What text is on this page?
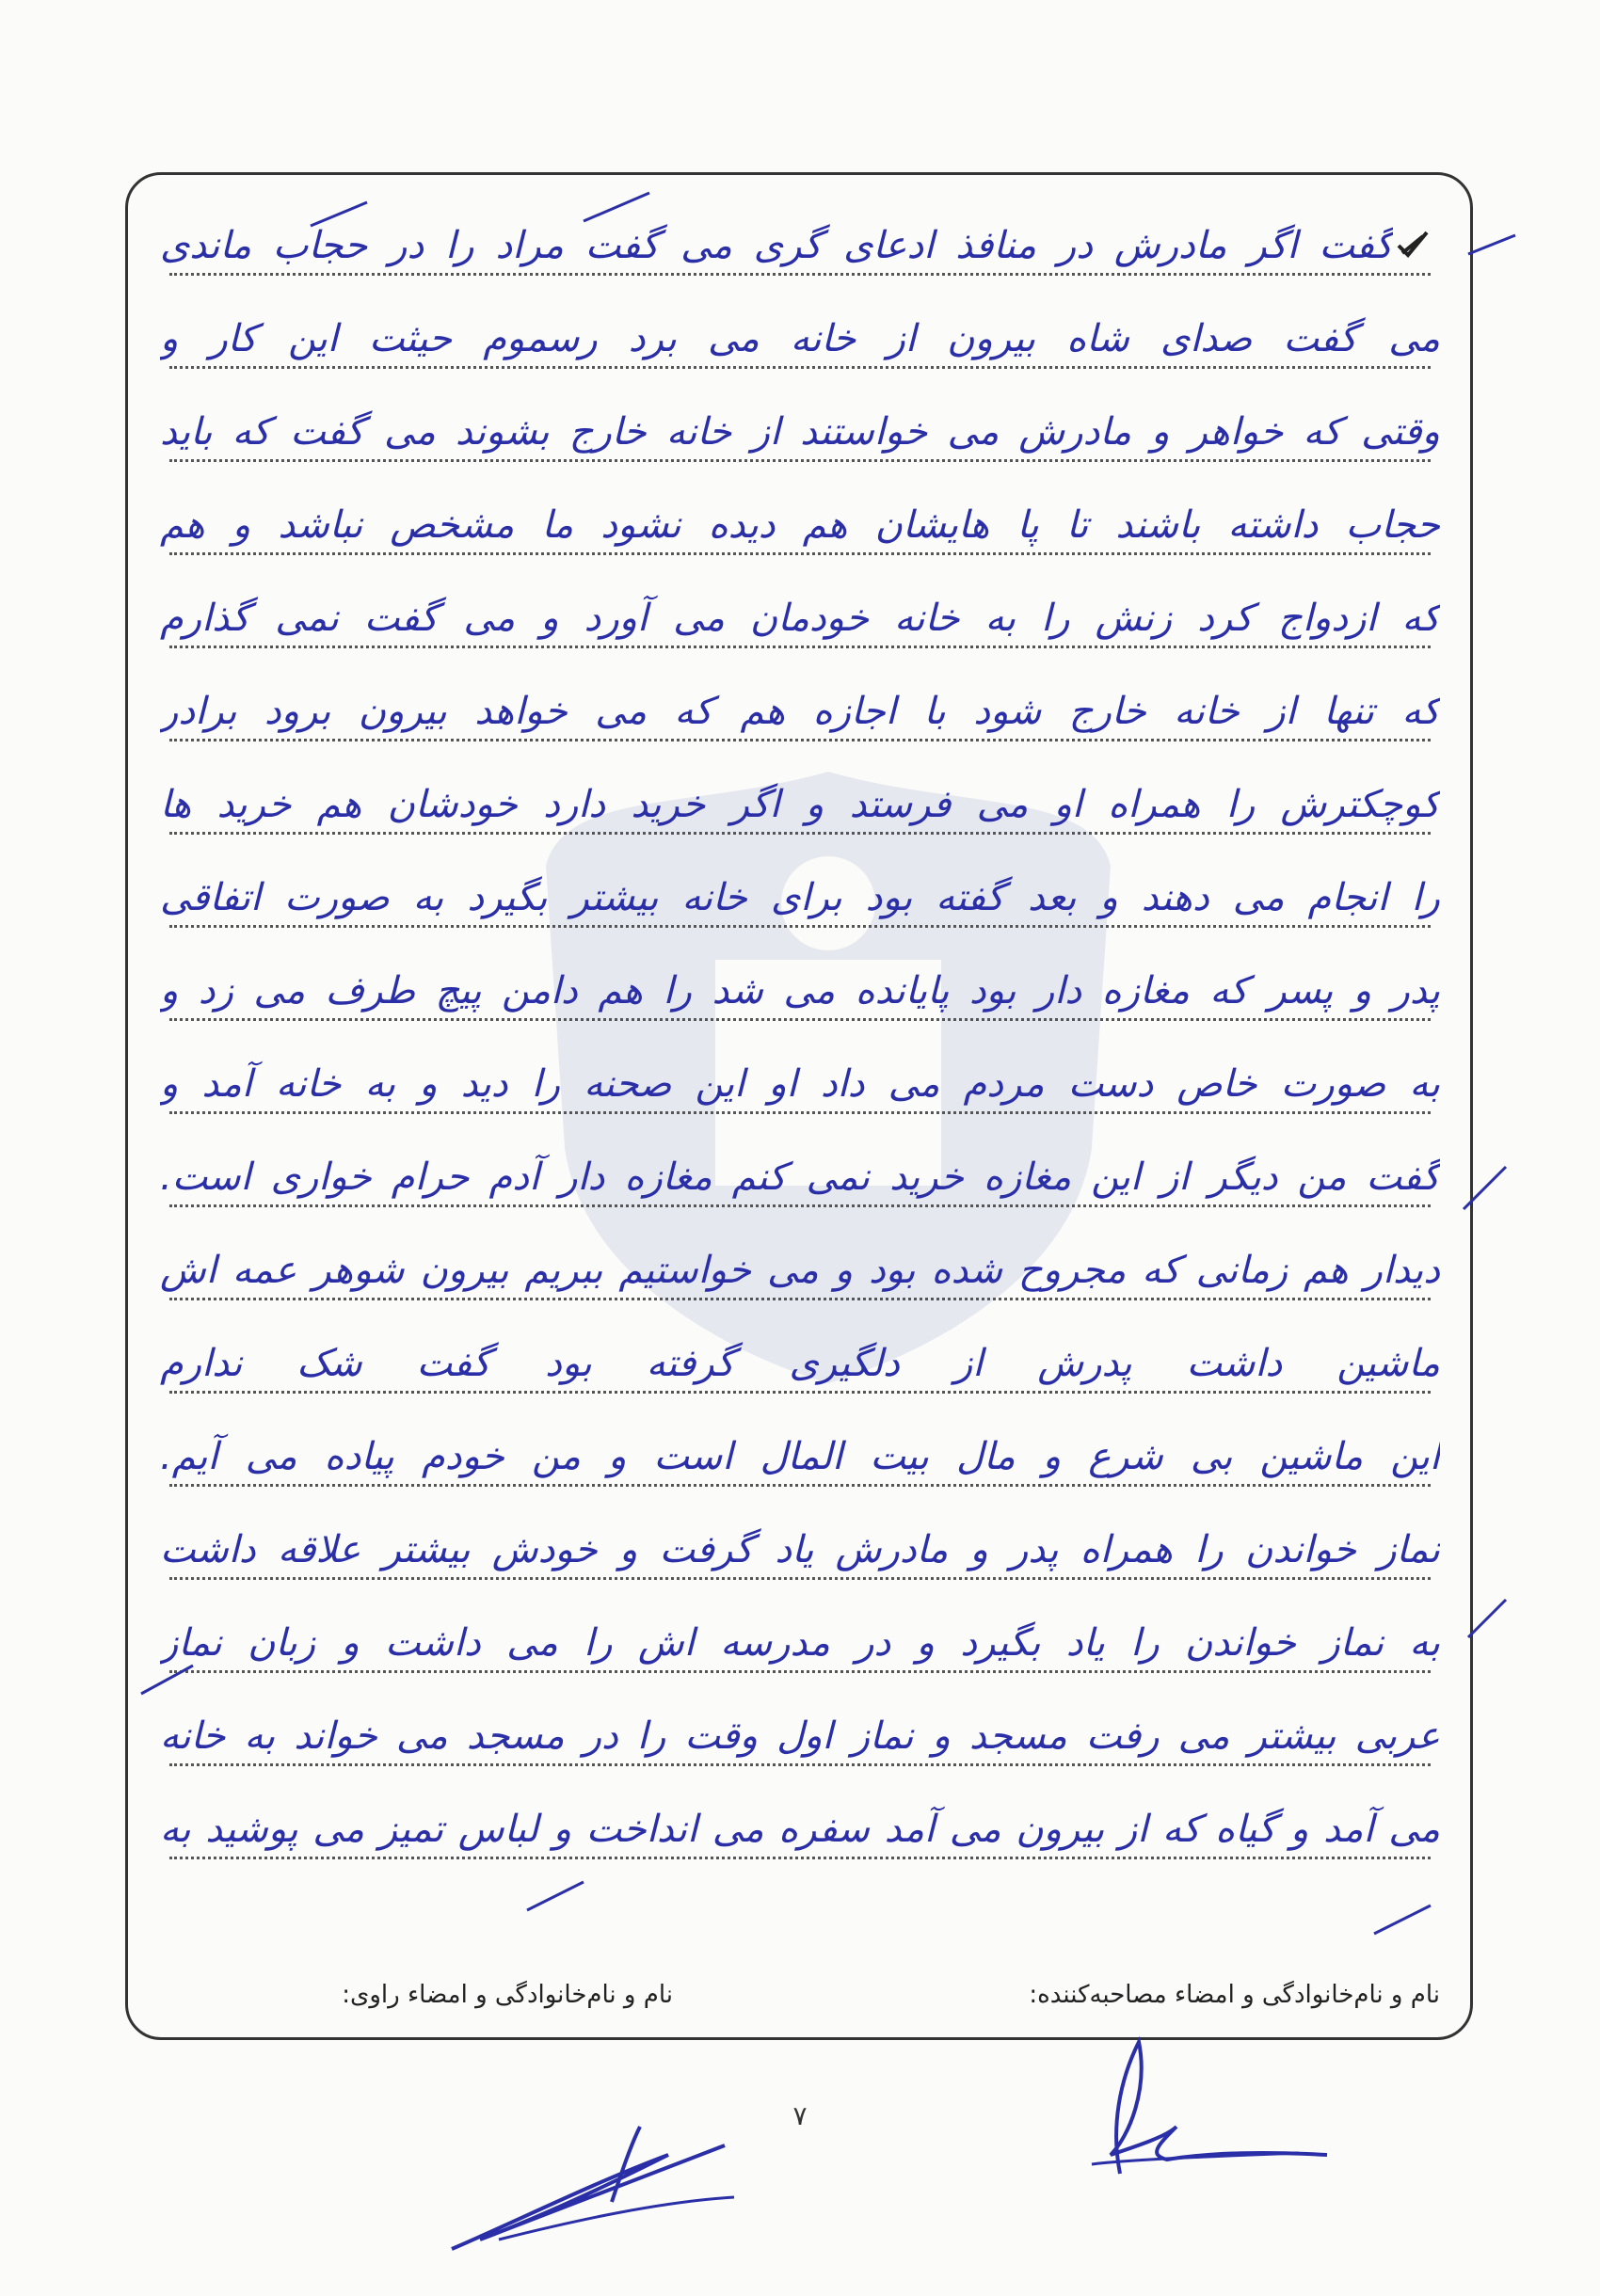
گفت اگر مادرش در منافذ ادعای گری می گفت مراد را در حجاب ماندی
می گفت صدای شاه بیرون از خانه می برد رسموم حیثت این کار و
وقتی که خواهر و مادرش می خواستند از خانه خارج بشوند می گفت که باید
حجاب داشته باشند تا پا هایشان هم دیده نشود ما مشخص نباشد و هم
که ازدواج کرد زنش را به خانه خودمان می آورد و می گفت نمی گذارم
که تنها از خانه خارج شود با اجازه هم که می خواهد بیرون برود برادر
کوچکترش را همراه او می فرستد و اگر خرید دارد خودشان هم خرید ها
را انجام می دهند و بعد گفته بود برای خانه بیشتر بگیرد به صورت اتفاقی
پدر و پسر که مغازه دار بود پایانده می شد را هم دامن پیچ طرف می زد و
به صورت خاص دست مردم می داد او این صحنه را دید و به خانه آمد و
گفت من دیگر از این مغازه خرید نمی کنم مغازه دار آدم حرام خواری است.
دیدار هم زمانی که مجروح شده بود و می خواستیم ببریم بیرون شوهر عمه اش
ماشین داشت پدرش از دلگیری گرفته بود گفت شک ندارم
این ماشین بی شرع و مال بیت المال است و من خودم پیاده می آیم.
نماز خواندن را همراه پدر و مادرش یاد گرفت و خودش بیشتر علاقه داشت
به نماز خواندن را یاد بگیرد و در مدرسه اش را می داشت و زبان نماز
عربی بیشتر می رفت مسجد و نماز اول وقت را در مسجد می خواند به خانه
می آمد و گیاه که از بیرون می آمد سفره می انداخت و لباس تمیز می پوشید به
نام و نام‌خانوادگی و امضاء مصاحبه‌کننده:
نام و نام‌خانوادگی و امضاء راوی:
۷
